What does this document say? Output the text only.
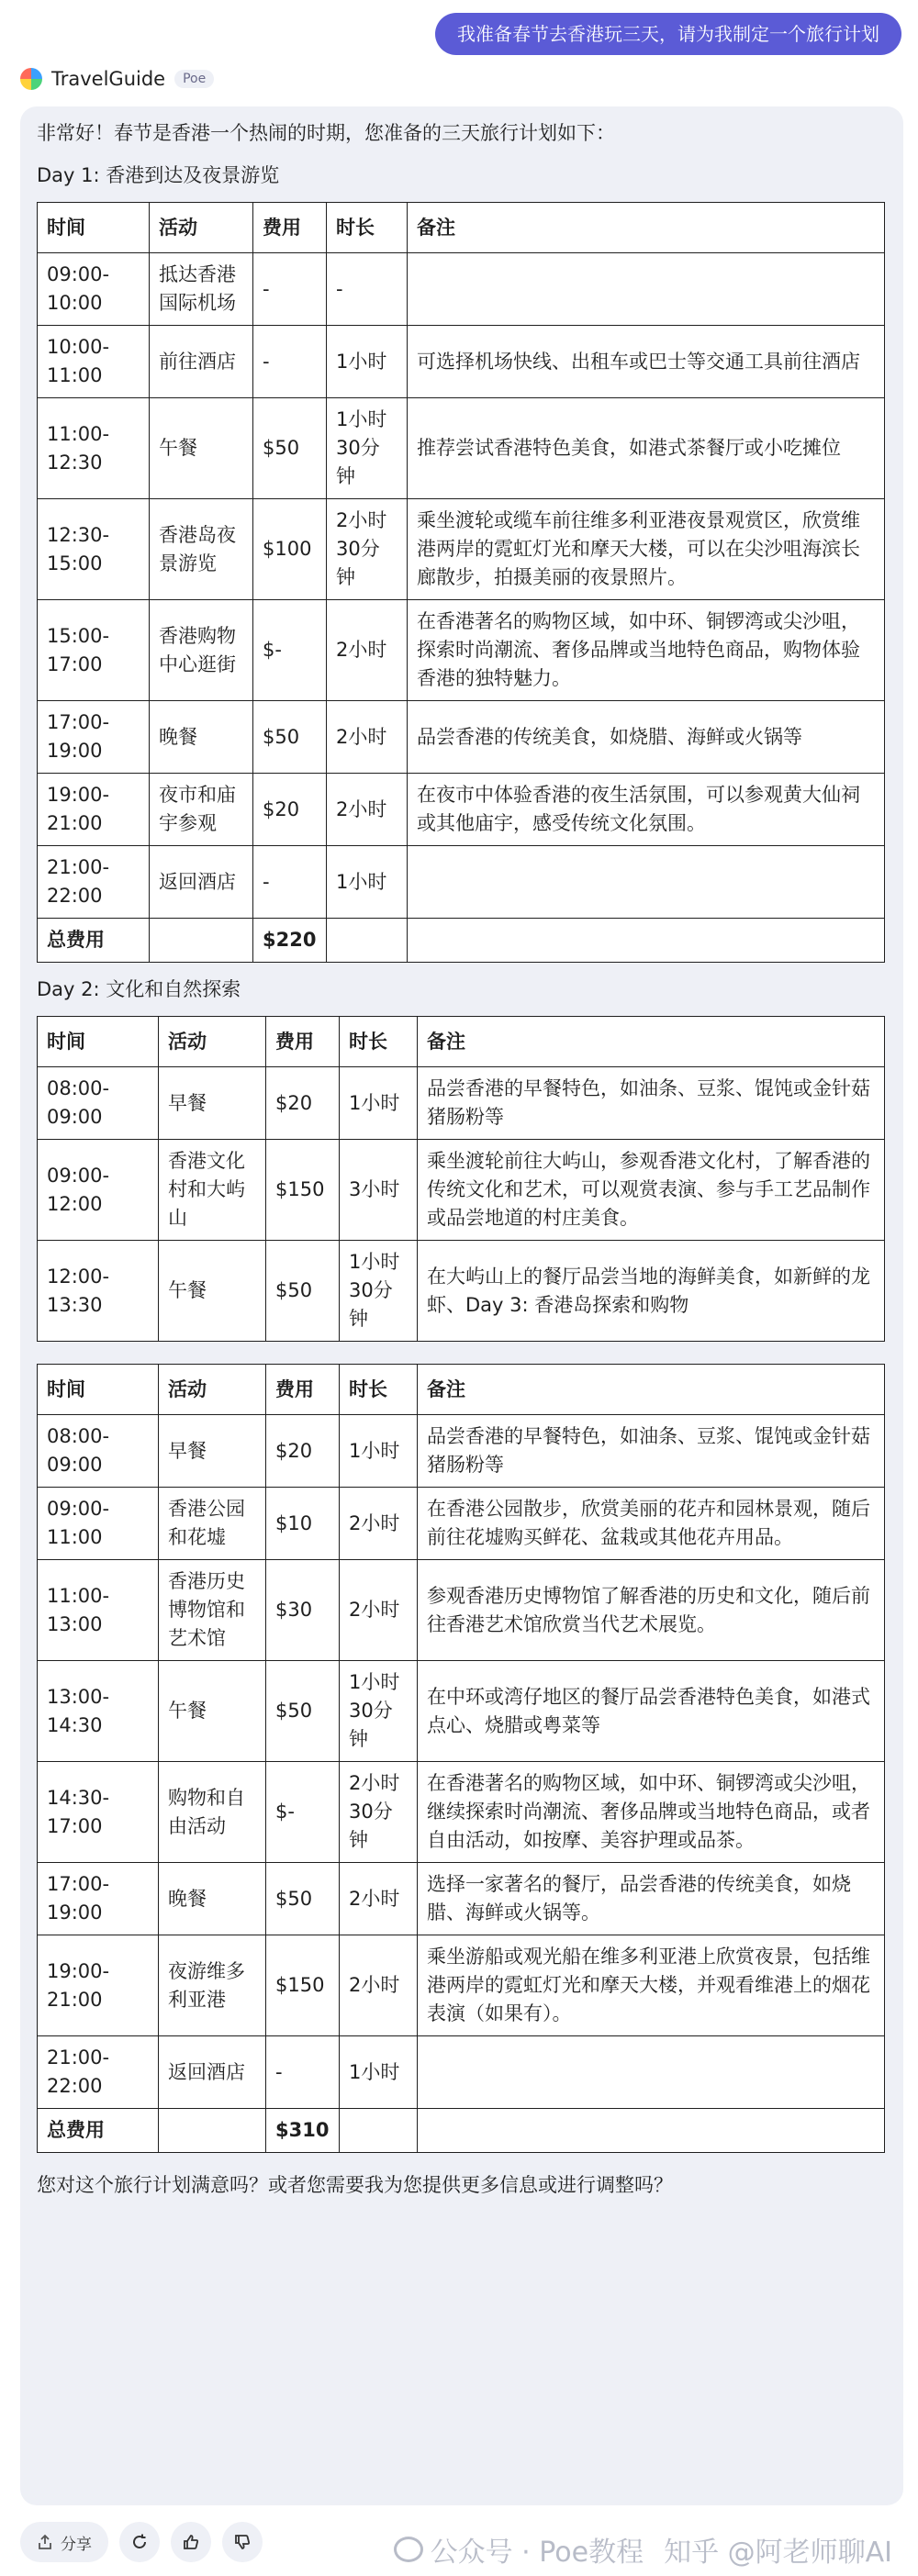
我准备春节去香港玩三天，请为我制定一个旅行计划
TravelGuide	Poe

非常好！春节是香港一个热闹的时期，您准备的三天旅行计划如下：

Day 1: 香港到达及夜景游览

时间	活动	费用	时长	备注
09:00-10:00	抵达香港国际机场	-	-	
10:00-11:00	前往酒店	-	1小时	可选择机场快线、出租车或巴士等交通工具前往酒店
11:00-12:30	午餐	$50	1小时30分钟	推荐尝试香港特色美食，如港式茶餐厅或小吃摊位
12:30-15:00	香港岛夜景游览	$100	2小时30分钟	乘坐渡轮或缆车前往维多利亚港夜景观赏区，欣赏维港两岸的霓虹灯光和摩天大楼，可以在尖沙咀海滨长廊散步，拍摄美丽的夜景照片。
15:00-17:00	香港购物中心逛街	$-	2小时	在香港著名的购物区域，如中环、铜锣湾或尖沙咀，探索时尚潮流、奢侈品牌或当地特色商品，购物体验香港的独特魅力。
17:00-19:00	晚餐	$50	2小时	品尝香港的传统美食，如烧腊、海鲜或火锅等
19:00-21:00	夜市和庙宇参观	$20	2小时	在夜市中体验香港的夜生活氛围，可以参观黄大仙祠或其他庙宇，感受传统文化氛围。
21:00-22:00	返回酒店	-	1小时	
总费用		$220		

Day 2: 文化和自然探索

时间	活动	费用	时长	备注
08:00-09:00	早餐	$20	1小时	品尝香港的早餐特色，如油条、豆浆、馄饨或金针菇猪肠粉等
09:00-12:00	香港文化村和大屿山	$150	3小时	乘坐渡轮前往大屿山，参观香港文化村，了解香港的传统文化和艺术，可以观赏表演、参与手工艺品制作或品尝地道的村庄美食。
12:00-13:30	午餐	$50	1小时30分钟	在大屿山上的餐厅品尝当地的海鲜美食，如新鲜的龙虾、Day 3: 香港岛探索和购物
时间	活动	费用	时长	备注
08:00-09:00	早餐	$20	1小时	品尝香港的早餐特色，如油条、豆浆、馄饨或金针菇猪肠粉等
09:00-11:00	香港公园和花墟	$10	2小时	在香港公园散步，欣赏美丽的花卉和园林景观，随后前往花墟购买鲜花、盆栽或其他花卉用品。
11:00-13:00	香港历史博物馆和艺术馆	$30	2小时	参观香港历史博物馆了解香港的历史和文化，随后前往香港艺术馆欣赏当代艺术展览。
13:00-14:30	午餐	$50	1小时30分钟	在中环或湾仔地区的餐厅品尝香港特色美食，如港式点心、烧腊或粤菜等
14:30-17:00	购物和自由活动	$-	2小时30分钟	在香港著名的购物区域，如中环、铜锣湾或尖沙咀，继续探索时尚潮流、奢侈品牌或当地特色商品，或者自由活动，如按摩、美容护理或品茶。
17:00-19:00	晚餐	$50	2小时	选择一家著名的餐厅，品尝香港的传统美食，如烧腊、海鲜或火锅等。
19:00-21:00	夜游维多利亚港	$150	2小时	乘坐游船或观光船在维多利亚港上欣赏夜景，包括维港两岸的霓虹灯光和摩天大楼，并观看维港上的烟花表演（如果有）。
21:00-22:00	返回酒店	-	1小时	
总费用		$310		

您对这个旅行计划满意吗？或者您需要我为您提供更多信息或进行调整吗？

分享	公众号 · Poe教程 知乎 @阿老师聊AI
